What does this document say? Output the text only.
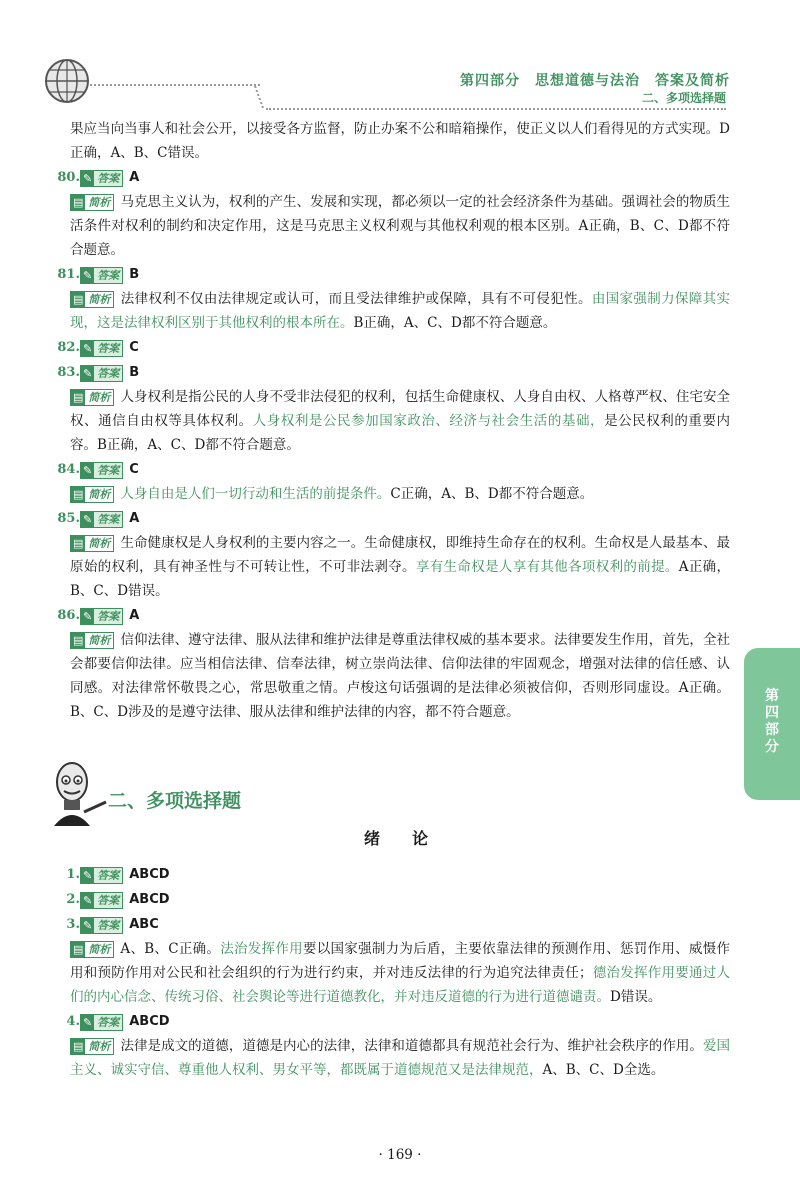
第四部分　思想道德与法治　答案及简析
二、多项选择题

果应当向当事人和社会公开，以接受各方监督，防止办案不公和暗箱操作，使正义以人们看得见的方式实现。D正确，A、B、C错误。

80. ✎ 答案 A

▤ 简析 马克思主义认为，权利的产生、发展和实现，都必须以一定的社会经济条件为基础。强调社会的物质生活条件对权利的制约和决定作用，这是马克思主义权利观与其他权利观的根本区别。A正确，B、C、D都不符合题意。

81. ✎ 答案 B

▤ 简析 法律权利不仅由法律规定或认可，而且受法律维护或保障，具有不可侵犯性。由国家强制力保障其实现，这是法律权利区别于其他权利的根本所在。B正确，A、C、D都不符合题意。

82. ✎ 答案 C
83. ✎ 答案 B

▤ 简析 人身权利是指公民的人身不受非法侵犯的权利，包括生命健康权、人身自由权、人格尊严权、住宅安全权、通信自由权等具体权利。人身权利是公民参加国家政治、经济与社会生活的基础，是公民权利的重要内容。B正确，A、C、D都不符合题意。

84. ✎ 答案 C

▤ 简析 人身自由是人们一切行动和生活的前提条件。C正确，A、B、D都不符合题意。

85. ✎ 答案 A

▤ 简析 生命健康权是人身权利的主要内容之一。生命健康权，即维持生命存在的权利。生命权是人最基本、最原始的权利，具有神圣性与不可转让性，不可非法剥夺。享有生命权是人享有其他各项权利的前提。A正确，B、C、D错误。

86. ✎ 答案 A

▤ 简析 信仰法律、遵守法律、服从法律和维护法律是尊重法律权威的基本要求。法律要发生作用，首先，全社会都要信仰法律。应当相信法律、信奉法律，树立崇尚法律、信仰法律的牢固观念，增强对法律的信任感、认同感。对法律常怀敬畏之心，常思敬重之情。卢梭这句话强调的是法律必须被信仰，否则形同虚设。A正确。B、C、D涉及的是遵守法律、服从法律和维护法律的内容，都不符合题意。

二、多项选择题
绪　论
1. ✎ 答案 ABCD
2. ✎ 答案 ABCD
3. ✎ 答案 ABC

▤ 简析 A、B、C正确。法治发挥作用要以国家强制力为后盾，主要依靠法律的预测作用、惩罚作用、威慑作用和预防作用对公民和社会组织的行为进行约束，并对违反法律的行为追究法律责任；德治发挥作用要通过人们的内心信念、传统习俗、社会舆论等进行道德教化，并对违反道德的行为进行道德谴责。D错误。

4. ✎ 答案 ABCD

▤ 简析 法律是成文的道德，道德是内心的法律，法律和道德都具有规范社会行为、维护社会秩序的作用。爱国主义、诚实守信、尊重他人权利、男女平等，都既属于道德规范又是法律规范，A、B、C、D全选。

第
四
部
分
· 169 ·
